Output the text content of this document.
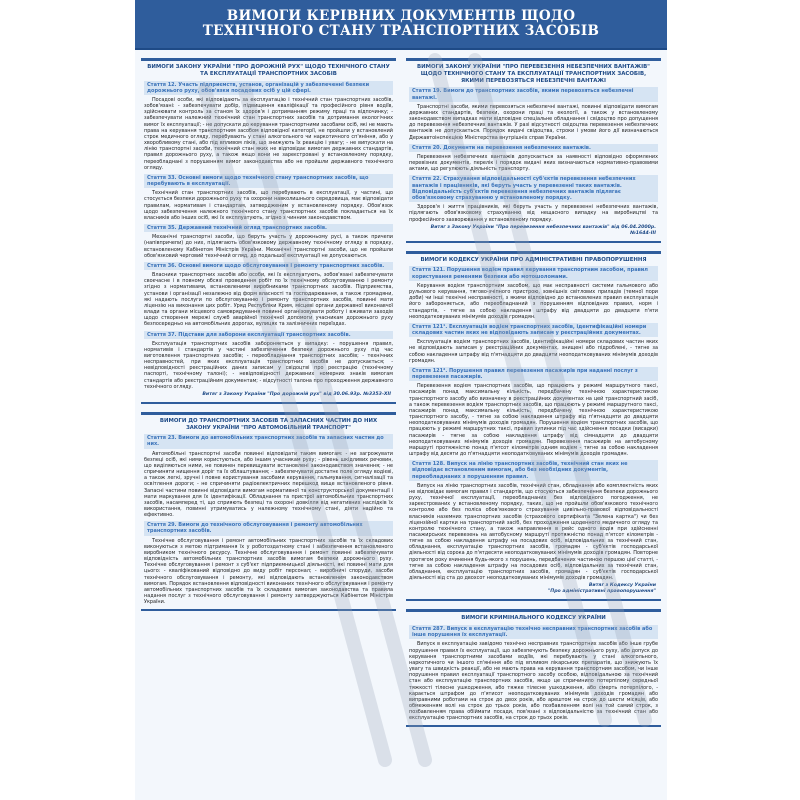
ВИМОГИ КЕРІВНИХ ДОКУМЕНТІВ ЩОДО
ТЕХНІЧНОГО СТАНУ ТРАНСПОРТНИХ ЗАСОБІВ
ВИМОГИ ЗАКОНУ УКРАЇНИ "ПРО ДОРОЖНІЙ РУХ" ЩОДО ТЕХНІЧНОГО СТАНУ ТА ЕКСПЛУАТАЦІЇ ТРАНСПОРТНИХ ЗАСОБІВ
Стаття 12. Участь підприємств, установ, організацій у забезпеченні безпеки дорожнього руху, обов'язки посадових осіб у цій сфері.

Посадові особи, які відповідають за експлуатацію і технічний стан транспортних засобів, зобов'язані: - забезпечувати добір, підвищення кваліфікації та професійного рівня водіїв, здійснювати контроль за станом їх здоров'я і дотриманням режиму праці та відпочинку; - забезпечувати належний технічний стан транспортних засобів та дотримання екологічних вимог їх експлуатації; - не допускати до керування транспортними засобами осіб, які не мають права на керування транспортним засобом відповідної категорії, не пройшли у встановлений строк медичного огляду, перебувають у стані алкогольного чи наркотичного сп'яніння, або у хворобливому стані, або під впливом ліків, що знижують їх реакцію і увагу; - не випускати на лінію транспортні засоби, технічний стан яких не відповідає вимогам державних стандартів, правил дорожнього руху, а також якщо вони не зареєстровані у встановленому порядку, переобладнані з порушенням вимог законодавства або не пройшли державного технічного огляду.

Стаття 33. Основні вимоги щодо технічного стану транспортних засобів, що перебувають в експлуатації.

Технічний стан транспортних засобів, що перебувають в експлуатації, у частині, що стосується безпеки дорожнього руху та охорони навколишнього середовища, має відповідати правилам, нормативам і стандартам, затвердженим у встановленому порядку. Обов'язок щодо забезпечення належного технічного стану транспортних засобів покладається на їх власників або інших осіб, які їх експлуатують, згідно з чинним законодавством.

Стаття 35. Державний технічний огляд транспортних засобів.

Механічні транспортні засоби, що беруть участь у дорожньому русі, а також причепи (напівпричепи) до них, підлягають обов'язковому державному технічному огляду в порядку, встановленому Кабінетом Міністрів України. Механічні транспортні засоби, що не пройшли обов'язковий черговий технічний огляд, до подальшої експлуатації не допускаються.

Стаття 36. Основні вимоги щодо обслуговування і ремонту транспортних засобів.

Власники транспортних засобів або особи, які їх експлуатують, зобов'язані забезпечувати своєчасне і в повному обсязі проведення робіт по їх технічному обслуговуванню і ремонту згідно з нормативами, встановленими виробниками транспортних засобів. Підприємства, установи і організації незалежно від форм власності та господарювання, а також громадяни, які надають послуги по обслуговуванню і ремонту транспортних засобів, повинні мати ліцензію на виконання цих робіт. Уряд Республіки Крим, місцеві органи державної виконавчої влади та органи місцевого самоврядування повинні організовувати роботу і вживати заходів щодо створення мережі служб аварійної технічної допомоги учасникам дорожнього руху безпосередньо на автомобільних дорогах, вулицях та залізничних переїздах.

Стаття 37. Підстави для заборони експлуатації транспортних засобів.

Експлуатація транспортних засобів забороняється у випадку: - порушення правил, нормативів і стандартів у частині забезпечення безпеки дорожнього руху під час виготовлення транспортних засобів; - переобладнання транспортних засобів; - технічних несправностей, при яких експлуатація транспортних засобів не допускається; - невідповідності реєстраційних даних записам у свідоцтві про реєстрацію (технічному паспорті, технічному талоні); - невідповідності державних номерних знаків вимогам стандартів або реєстраційним документам; - відсутності талона про проходження державного технічного огляду.

Витяг з Закону України "Про дорожній рух" від 30.06.93р. №3353-XII
ВИМОГИ ДО ТРАНСПОРТНИХ ЗАСОБІВ ТА ЗАПАСНИХ ЧАСТИН ДО НИХ
ЗАКОНУ УКРАЇНИ "ПРО АВТОМОБІЛЬНИЙ ТРАНСПОРТ"
Стаття 23. Вимоги до автомобільних транспортних засобів та запасних частин до них.

Автомобільні транспортні засоби повинні відповідати таким вимогам: - не загрожувати безпеці осіб, які ними користуються, або іншим учасникам руху; - рівень шкідливих речовин, що виділяються ними, не повинен перевищувати встановлені законодавством значення; - не спричиняти нищення доріг та їх облаштування; - забезпечувати достатнє поле огляду водієві, а також легкі, зручні і повне користування засобами керування, гальмування, сигналізації та освітлення дороги; - не спричиняти радіоелектричних перешкод вище встановленого рівня. Запасні частини повинні відповідати вимогам нормативної та конструкторської документації і мати маркування для їх ідентифікації. Обладнання та пристрої автомобільних транспортних засобів, насамперед ті, що сприяють безпеці та охороні довкілля від негативних наслідків їх використання, повинні утримуватись у належному технічному стані, діяти надійно та ефективно.

Стаття 29. Вимоги до технічного обслуговування і ремонту автомобільних транспортних засобів.

Технічне обслуговування і ремонт автомобільних транспортних засобів та їх складових виконуються з метою підтримання їх у роботоздатному стані і забезпечення встановленого виробником технічного ресурсу. Технічне обслуговування і ремонт повинні забезпечувати відповідність автомобільних транспортних засобів вимогам безпеки дорожнього руху. Технічне обслуговування і ремонт з суб'єкт підприємницької діяльності, які повинні мати для цього: - кваліфікований відповідно до виду робіт персонал; - виробничі споруди, засоби технічного обслуговування і ремонту, які відповідають встановленим законодавством вимогам. Порядок встановлення відповідності виконаних технічного обслуговування і ремонту автомобільних транспортних засобів та їх складових вимогам законодавства та правила надання послуг з технічного обслуговування і ремонту затверджуються Кабінетом Міністрів України.

ВИМОГИ ЗАКОНУ УКРАЇНИ "ПРО ПЕРЕВЕЗЕННЯ НЕБЕЗПЕЧНИХ ВАНТАЖІВ" ЩОДО ТЕХНІЧНОГО СТАНУ ТА ЕКСПЛУАТАЦІЇ ТРАНСПОРТНИХ ЗАСОБІВ, ЯКИМИ ПЕРЕВОЗЯТЬСЯ НЕБЕЗПЕЧНІ ВАНТАЖІ
Стаття 19. Вимоги до транспортних засобів, якими перевозяться небезпечні вантажі.

Транспортні засоби, якими перевозяться небезпечні вантажі, повинні відповідати вимогам державних стандартів, безпеки, охорони праці та екології, а також у встановленому законодавством випадках мати відповідне спеціальне обладнання і свідоцтво про допущення до перевезення небезпечних вантажів. У разі відсутності свідоцтва перевезення небезпечних вантажів не допускається. Порядок видачі свідоцтва, строки і умови його дії визначаються Державтоінспекцією Міністерства внутрішніх справ України.

Стаття 20. Документи на перевезення небезпечних вантажів.

Перевезення небезпечних вантажів допускається за наявності відповідно оформлених перевізних документів, перелік і порядок видачі яких визначаються нормативно-правовими актами, що регулюють діяльність транспорту.

Стаття 22. Страхування відповідальності суб'єктів перевезення небезпечних вантажів і працівників, які беруть участь у перевезенні таких вантажів. Відповідальність суб'єктів перевезення небезпечних вантажів підлягає обов'язковому страхуванню у встановленому порядку.

Здоров'я і життя працівників, які беруть участь у перевезенні небезпечних вантажів, підлягають обов'язковому страхуванню від нещасного випадку на виробництві та професійного захворювання у встановленому порядку.

Витяг з Закону України "Про перевезення небезпечних вантажів" від 06.04.2000р. №1644-III
ВИМОГИ КОДЕКСУ УКРАЇНИ ПРО АДМІНІСТРАТИВНІ ПРАВОПОРУШЕННЯ
Стаття 121. Порушення водієм правил керування транспортним засобом, правил користування ременями безпеки або мотошоломами.

Керування водієм транспортним засобом, що має несправності системи гальмового або рульового керування, тягово-зчіпного пристрою, зовнішніх світлових приладів (темної пори доби) чи інші технічні несправності, з якими відповідно до встановлених правил експлуатація його забороняється, або переобладнаний з порушенням відповідних правил, норм і стандартів, - тягне за собою накладення штрафу від двадцяти до двадцяти п'яти неоподатковуваних мінімумів доходів громадян.

Стаття 121¹. Експлуатація водієм транспортних засобів, ідентифікаційні номери складових частин яких не відповідають записам у реєстраційних документах.

Експлуатація водієм транспортних засобів, ідентифікаційні номери складових частин яких не відповідають записам у реєстраційних документах, знищені або підроблені, - тягне за собою накладення штрафу від п'ятнадцяти до двадцяти неоподатковуваних мінімумів доходів громадян.

Стаття 121². Порушення правил перевезення пасажирів при наданні послуг з перевезення пасажирів.

Перевезення водієм транспортних засобів, що працюють у режимі маршрутного таксі, пасажирів понад максимальну кількість, передбачену технічною характеристикою транспортного засобу або визначену в реєстраційних документах на цей транспортний засіб, а також перевезення водієм транспортних засобів, що працюють у режимі маршрутного таксі, пасажирів понад максимальну кількість, передбачену технічною характеристикою транспортного засобу, - тягне за собою накладення штрафу від п'ятнадцяти до двадцяти неоподатковуваних мінімумів доходів громадян. Порушення водієм транспортних засобів, що працюють у режимі маршрутних таксі, правил зупинки під час здійснення посадки (висадки) пасажирів - тягне за собою накладення штрафу від сімнадцяти до двадцяти неоподатковуваних мінімумів доходів громадян. Перевезення пасажирів на автобусному маршруті протяжністю понад п'ятсот кілометрів одним водієм - тягне за собою накладення штрафу від десяти до п'ятнадцяти неоподатковуваних мінімумів доходів громадян.

Стаття 128. Випуск на лінію транспортних засобів, технічний стан яких не відповідає встановленим вимогам, або без необхідних документів, переобладнаних з порушенням правил.

Випуск на лінію транспортних засобів, технічний стан, обладнання або комплектність яких не відповідає вимогам правил і стандартів, що стосуються забезпечення безпеки дорожнього руху, технічної експлуатації, переобладнаних без відповідного погодження, не зареєстрованих у встановленому порядку, таких, що не пройшли обов'язкового технічного контролю або без поліса обов'язкового страхування цивільно-правової відповідальності власників наземних транспортних засобів (страхового сертифіката "Зелена картка") чи без ліцензійної картки на транспортний засіб, без проходження щоденного медичного огляду та контролю технічного стану, а також направлення в рейс одного водія при здійсненні пасажирських перевезень на автобусному маршруті протяжністю понад п'ятсот кілометрів - тягне за собою накладення штрафу на посадових осіб, відповідальних за технічний стан, обладнання, експлуатацію транспортних засобів, громадян - суб'єктів господарської діяльності від сорока до п'ятдесяти неоподатковуваних мінімумів доходів громадян. Повторне протягом року вчинення будь-якого з порушень, передбачених частиною першою цієї статті, - тягне за собою накладення штрафу на посадових осіб, відповідальних за технічний стан, обладнання, експлуатацію транспортних засобів, громадян - суб'єктів господарської діяльності від ста до двохсот неоподатковуваних мінімумів доходів громадян.

Витяг з Кодексу України
"Про адміністративні правопорушення"
ВИМОГИ КРИМІНАЛЬНОГО КОДЕКСУ УКРАЇНИ
Стаття 287. Випуск в експлуатацію технічно несправних транспортних засобів або інше порушення їх експлуатації.

Випуск в експлуатацію завідомо технічно несправних транспортних засобів або інше грубе порушення правил їх експлуатації, що забезпечують безпеку дорожнього руху, або допуск до керування транспортними засобами водіїв, які перебувають у стані алкогольного, наркотичного чи іншого сп'яніння або під впливом лікарських препаратів, що знижують їх увагу та швидкість реакції, або не мають права на керування транспортним засобом, чи інше порушення правил експлуатації транспортного засобу особою, відповідальною за технічний стан або експлуатацію транспортних засобів, якщо це спричинило потерпілому середньої тяжкості тілесне ушкодження, або тяжке тілесне ушкодження, або смерть потерпілого, - карається штрафом до п'ятисот неоподатковуваних мінімумів доходів громадян або виправними роботами на строк до двох років, або арештом на строк до шести місяців, або обмеженням волі на строк до трьох років, або позбавленням волі на той самий строк, з позбавленням права обіймати посади, пов'язані з відповідальністю за технічний стан або експлуатацію транспортних засобів, на строк до трьох років.
